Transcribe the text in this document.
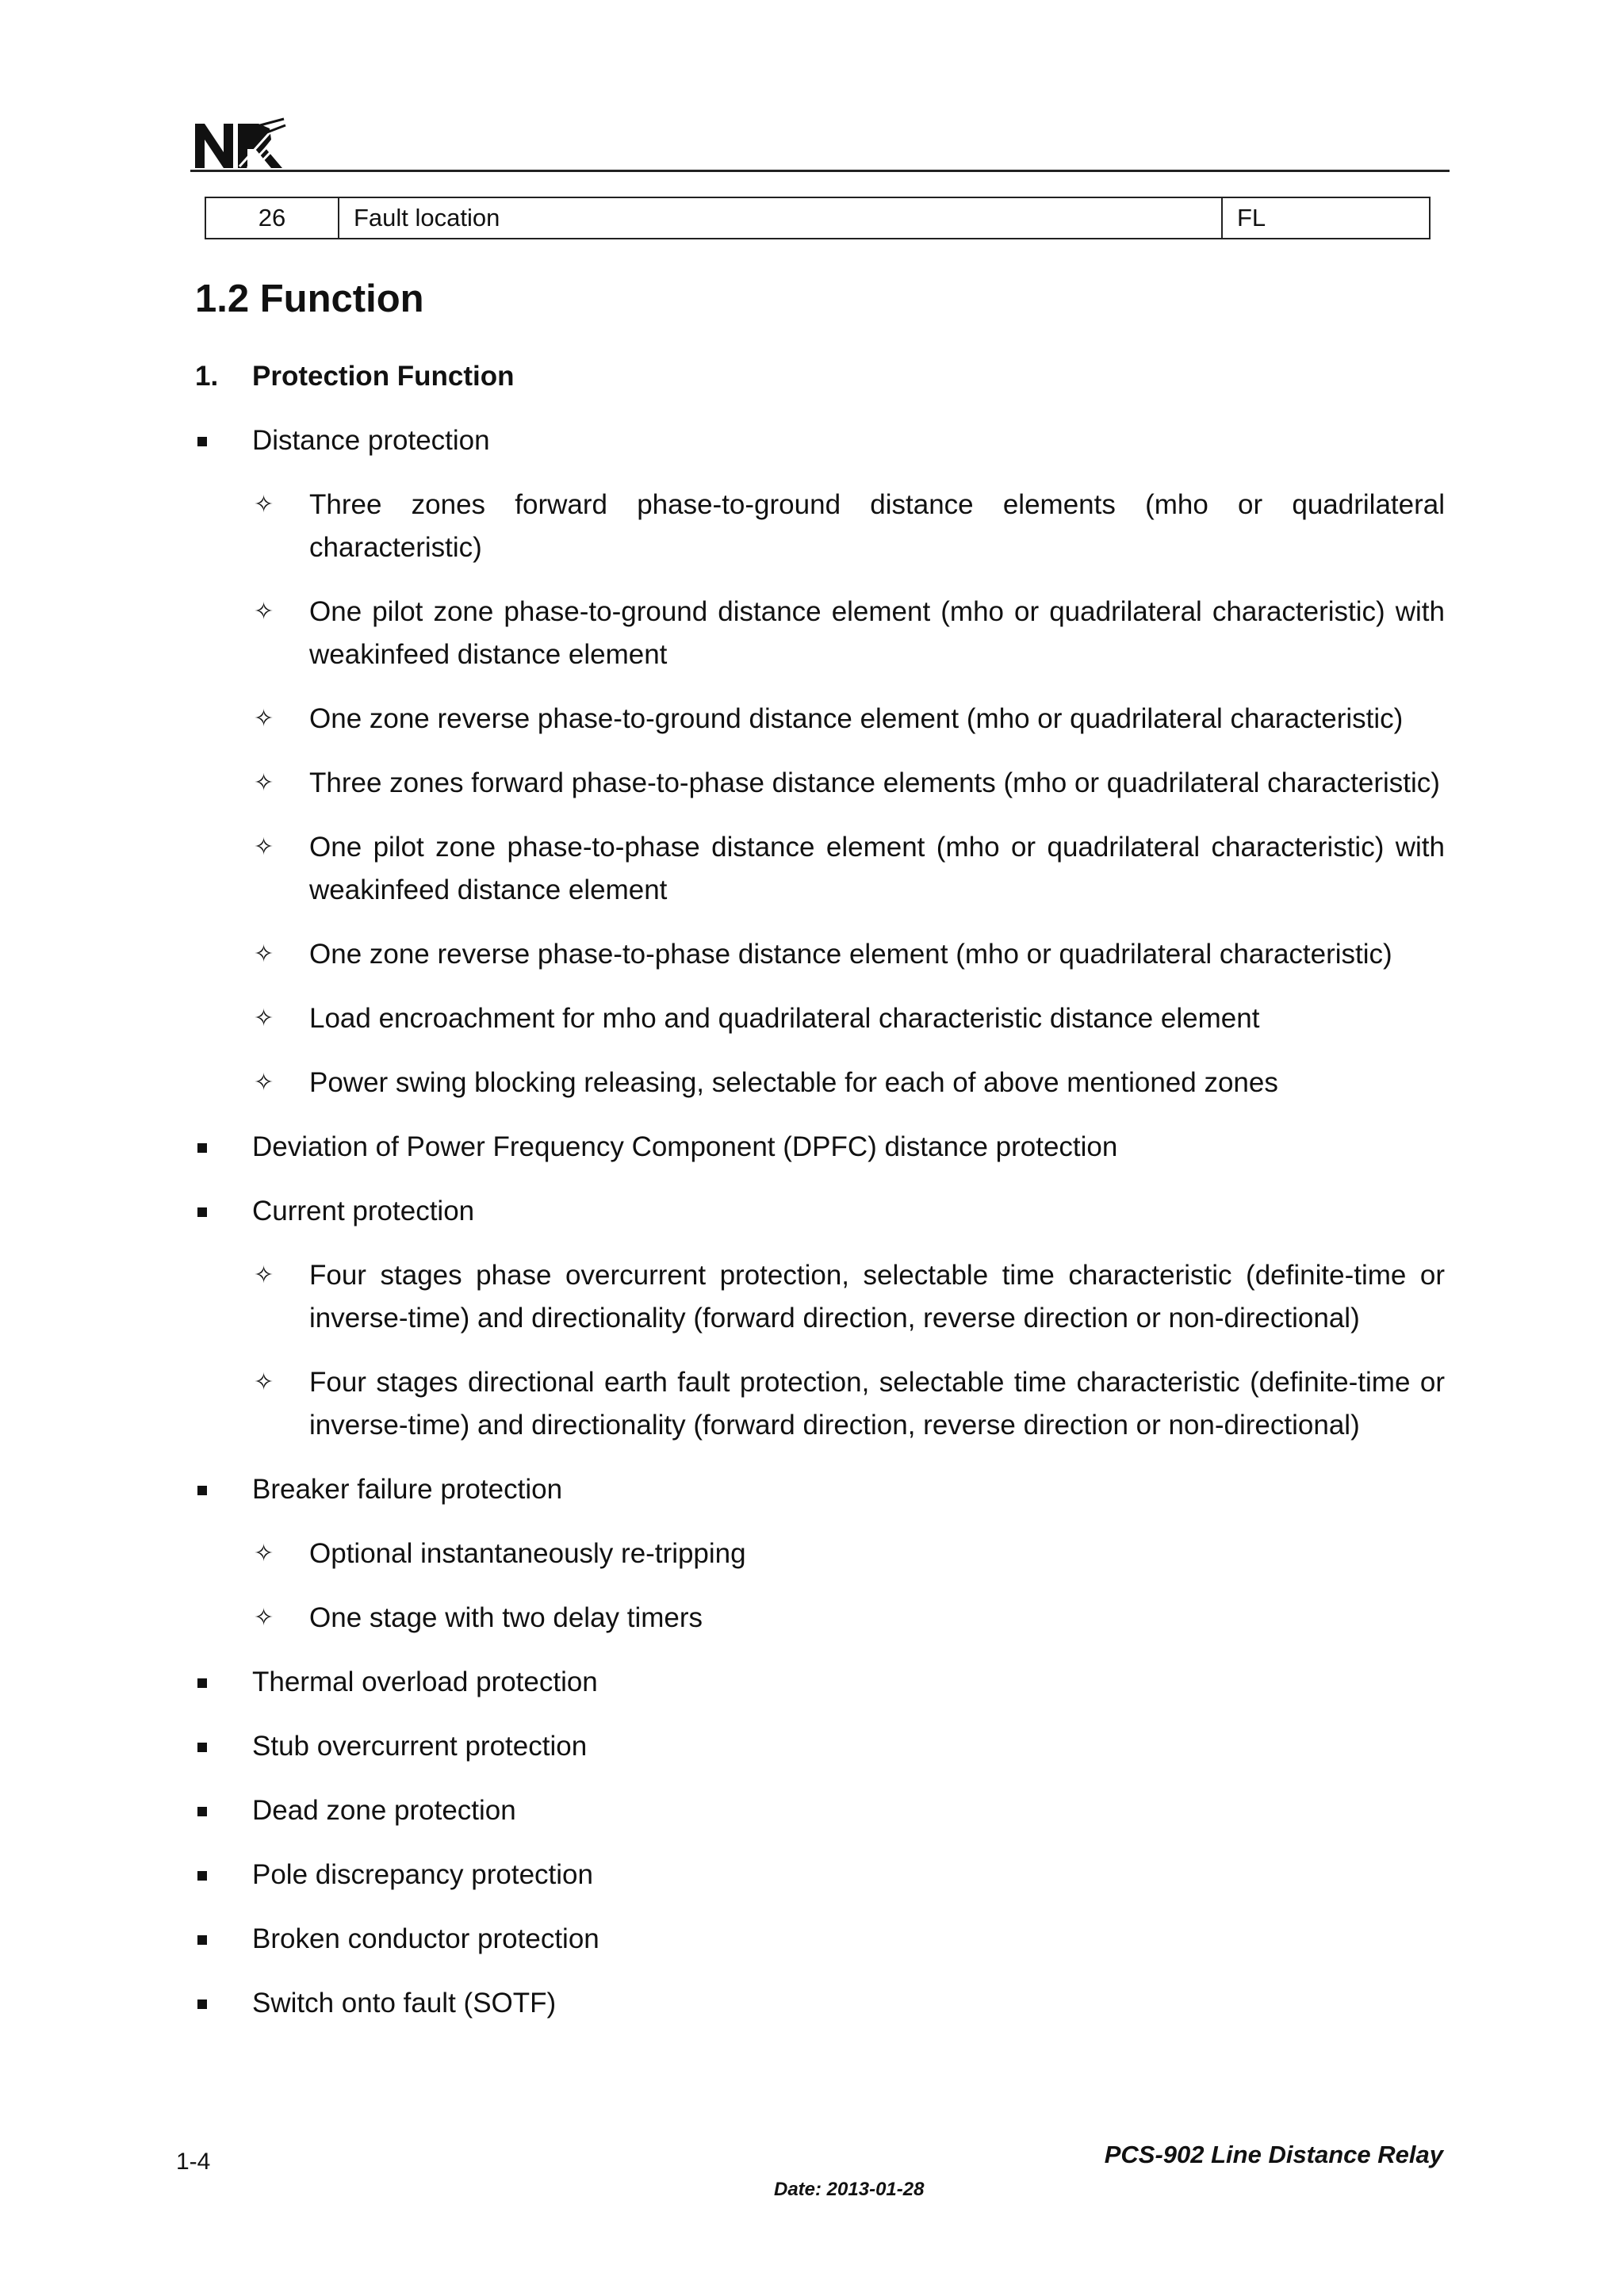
26	Fault location	FL
1.2 Function
1. Protection Function
Distance protection
✧ Three zones forward phase-to-ground distance elements (mho or quadrilateral characteristic)
✧ One pilot zone phase-to-ground distance element (mho or quadrilateral characteristic) with weakinfeed distance element
✧ One zone reverse phase-to-ground distance element (mho or quadrilateral characteristic)
✧ Three zones forward phase-to-phase distance elements (mho or quadrilateral characteristic)
✧ One pilot zone phase-to-phase distance element (mho or quadrilateral characteristic) with weakinfeed distance element
✧ One zone reverse phase-to-phase distance element (mho or quadrilateral characteristic)
✧ Load encroachment for mho and quadrilateral characteristic distance element
✧ Power swing blocking releasing, selectable for each of above mentioned zones
Deviation of Power Frequency Component (DPFC) distance protection
Current protection
✧ Four stages phase overcurrent protection, selectable time characteristic (definite-time or inverse-time) and directionality (forward direction, reverse direction or non-directional)
✧ Four stages directional earth fault protection, selectable time characteristic (definite-time or inverse-time) and directionality (forward direction, reverse direction or non-directional)
Breaker failure protection
✧ Optional instantaneously re-tripping
✧ One stage with two delay timers
Thermal overload protection
Stub overcurrent protection
Dead zone protection
Pole discrepancy protection
Broken conductor protection
Switch onto fault (SOTF)
1-4	PCS-902 Line Distance Relay
Date: 2013-01-28
